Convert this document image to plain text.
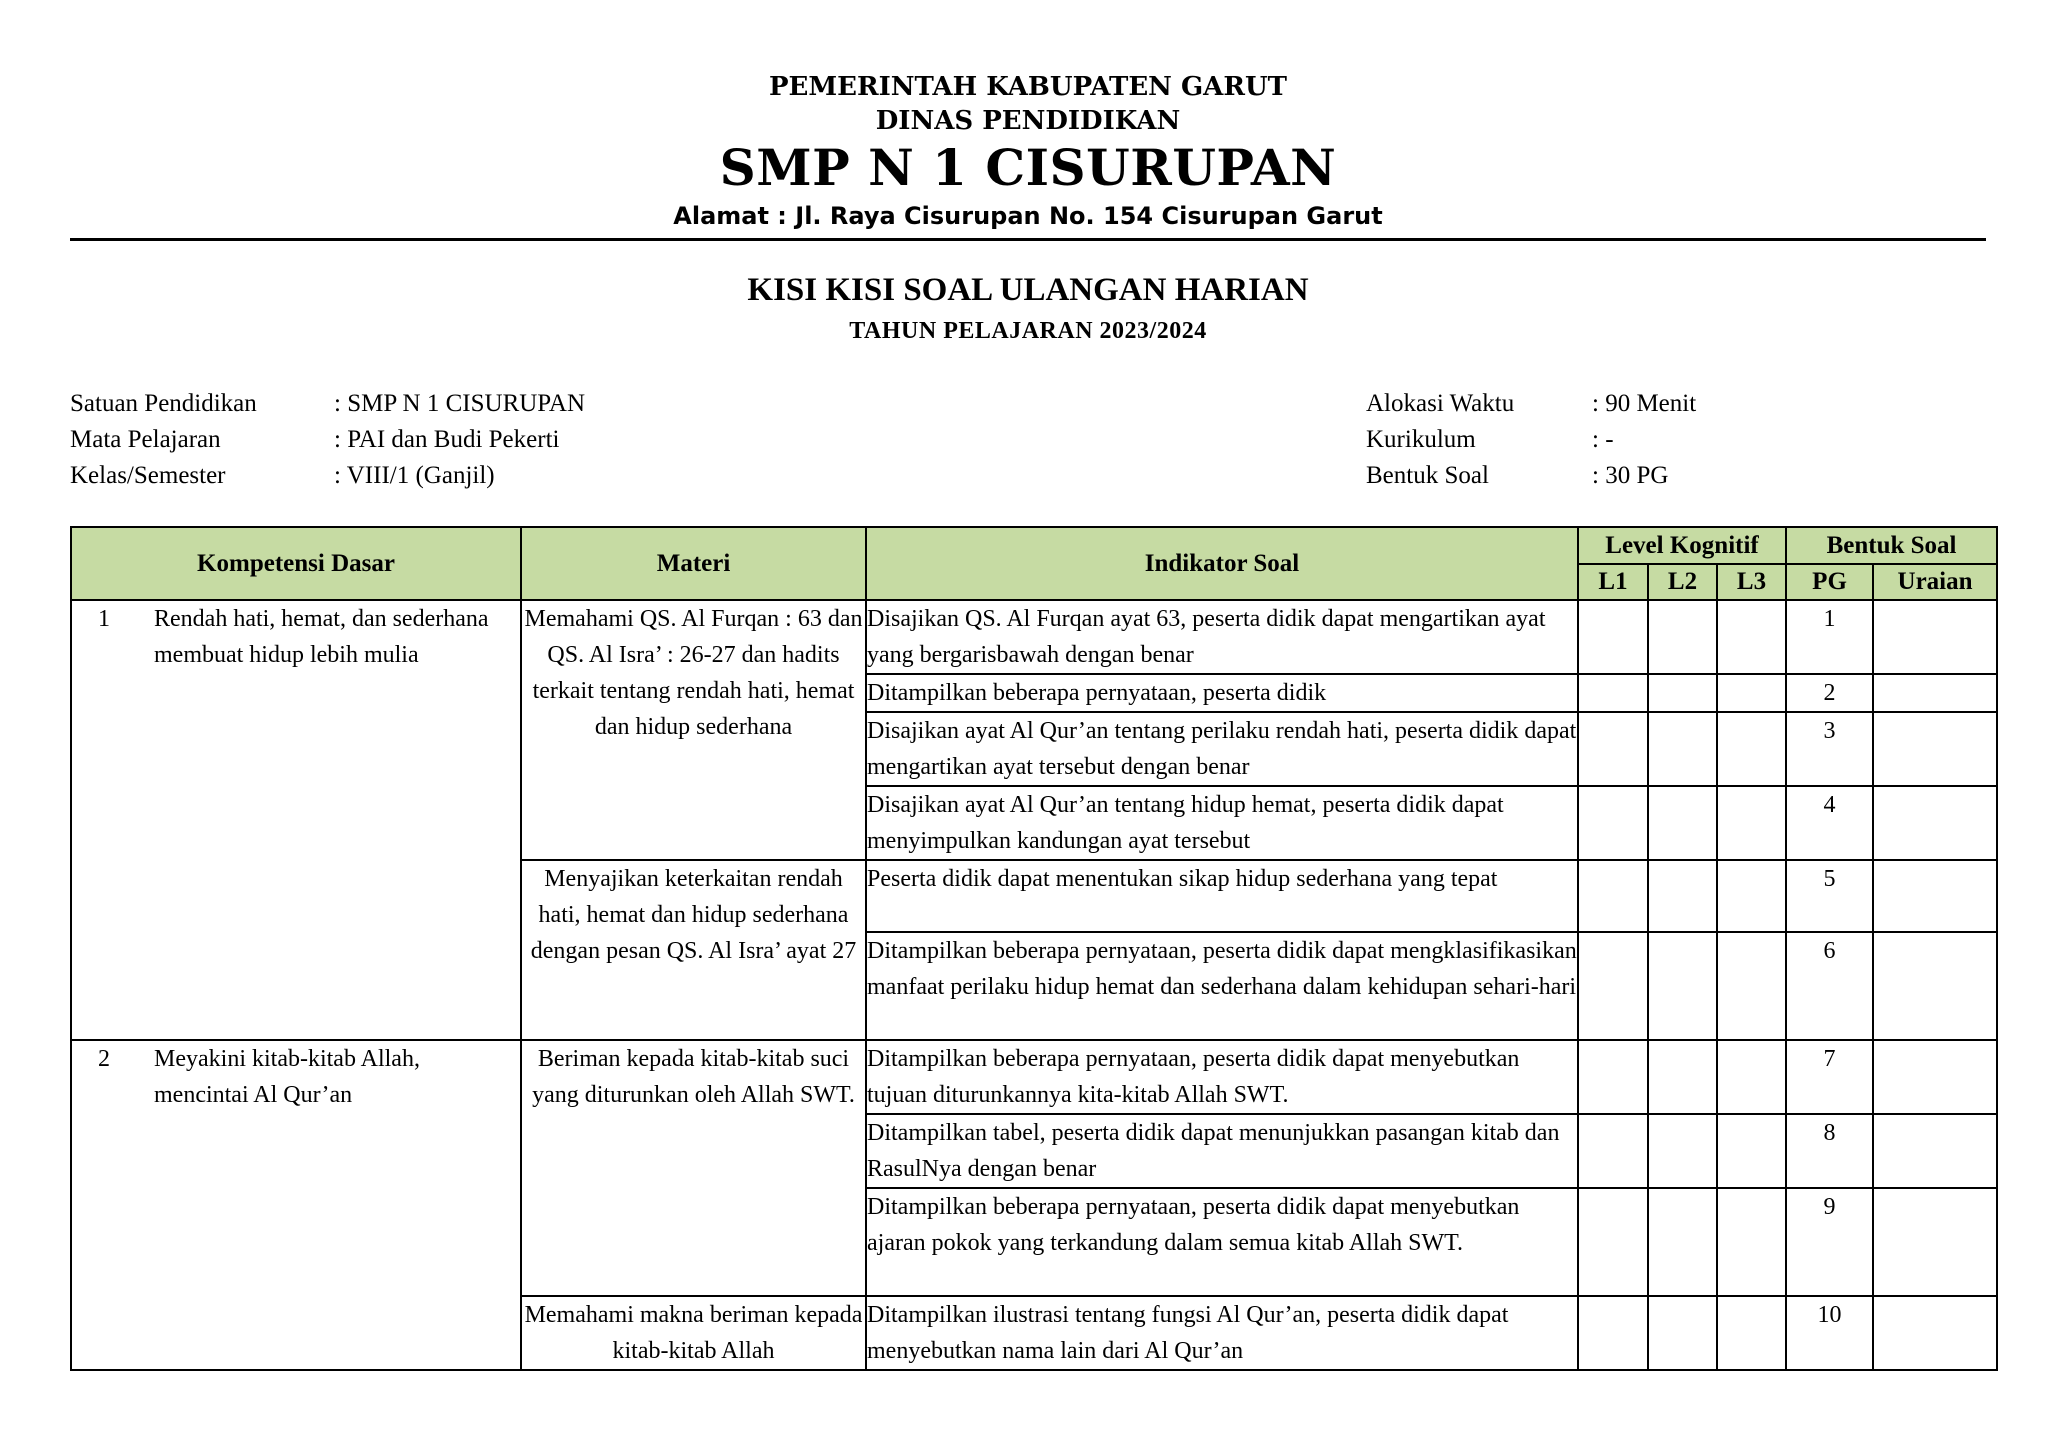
PEMERINTAH KABUPATEN GARUT
DINAS PENDIDIKAN
SMP N 1 CISURUPAN
Alamat : Jl. Raya Cisurupan No. 154 Cisurupan Garut
KISI KISI SOAL ULANGAN HARIAN
TAHUN PELAJARAN 2023/2024
Satuan Pendidikan	: SMP N 1 CISURUPAN
Mata Pelajaran	: PAI dan Budi Pekerti
Kelas/Semester	: VIII/1 (Ganjil)
Alokasi Waktu	: 90 Menit
Kurikulum	: -
Bentuk Soal	: 30 PG
Kompetensi Dasar	Materi	Indikator Soal	Level Kognitif			Bentuk Soal	
			L1	L2	L3	PG	Uraian

1 Rendah hati, hemat, dan sederhana membuat hidup lebih mulia	Memahami QS. Al Furqan : 63 dan QS. Al Isra’ : 26-27 dan hadits terkait tentang rendah hati, hemat dan hidup sederhana	Disajikan QS. Al Furqan ayat 63, peserta didik dapat mengartikan ayat yang bergarisbawah dengan benar				1	
		Ditampilkan beberapa pernyataan, peserta didik				2	
		Disajikan ayat Al Qur’an tentang perilaku rendah hati, peserta didik dapat mengartikan ayat tersebut dengan benar				3	
		Disajikan ayat Al Qur’an tentang hidup hemat, peserta didik dapat menyimpulkan kandungan ayat tersebut				4	
	Menyajikan keterkaitan rendah hati, hemat dan hidup sederhana dengan pesan QS. Al Isra’ ayat 27	Peserta didik dapat menentukan sikap hidup sederhana yang tepat				5	
		Ditampilkan beberapa pernyataan, peserta didik dapat mengklasifikasikan manfaat perilaku hidup hemat dan sederhana dalam kehidupan sehari-hari				6	

2 Meyakini kitab-kitab Allah, mencintai Al Qur’an	Beriman kepada kitab-kitab suci yang diturunkan oleh Allah SWT.	Ditampilkan beberapa pernyataan, peserta didik dapat menyebutkan tujuan diturunkannya kita-kitab Allah SWT.				7	
		Ditampilkan tabel, peserta didik dapat menunjukkan pasangan kitab dan RasulNya dengan benar				8	
		Ditampilkan beberapa pernyataan, peserta didik dapat menyebutkan ajaran pokok yang terkandung dalam semua kitab Allah SWT.				9	
	Memahami makna beriman kepada kitab-kitab Allah	Ditampilkan ilustrasi tentang fungsi Al Qur’an, peserta didik dapat menyebutkan nama lain dari Al Qur’an				10	
